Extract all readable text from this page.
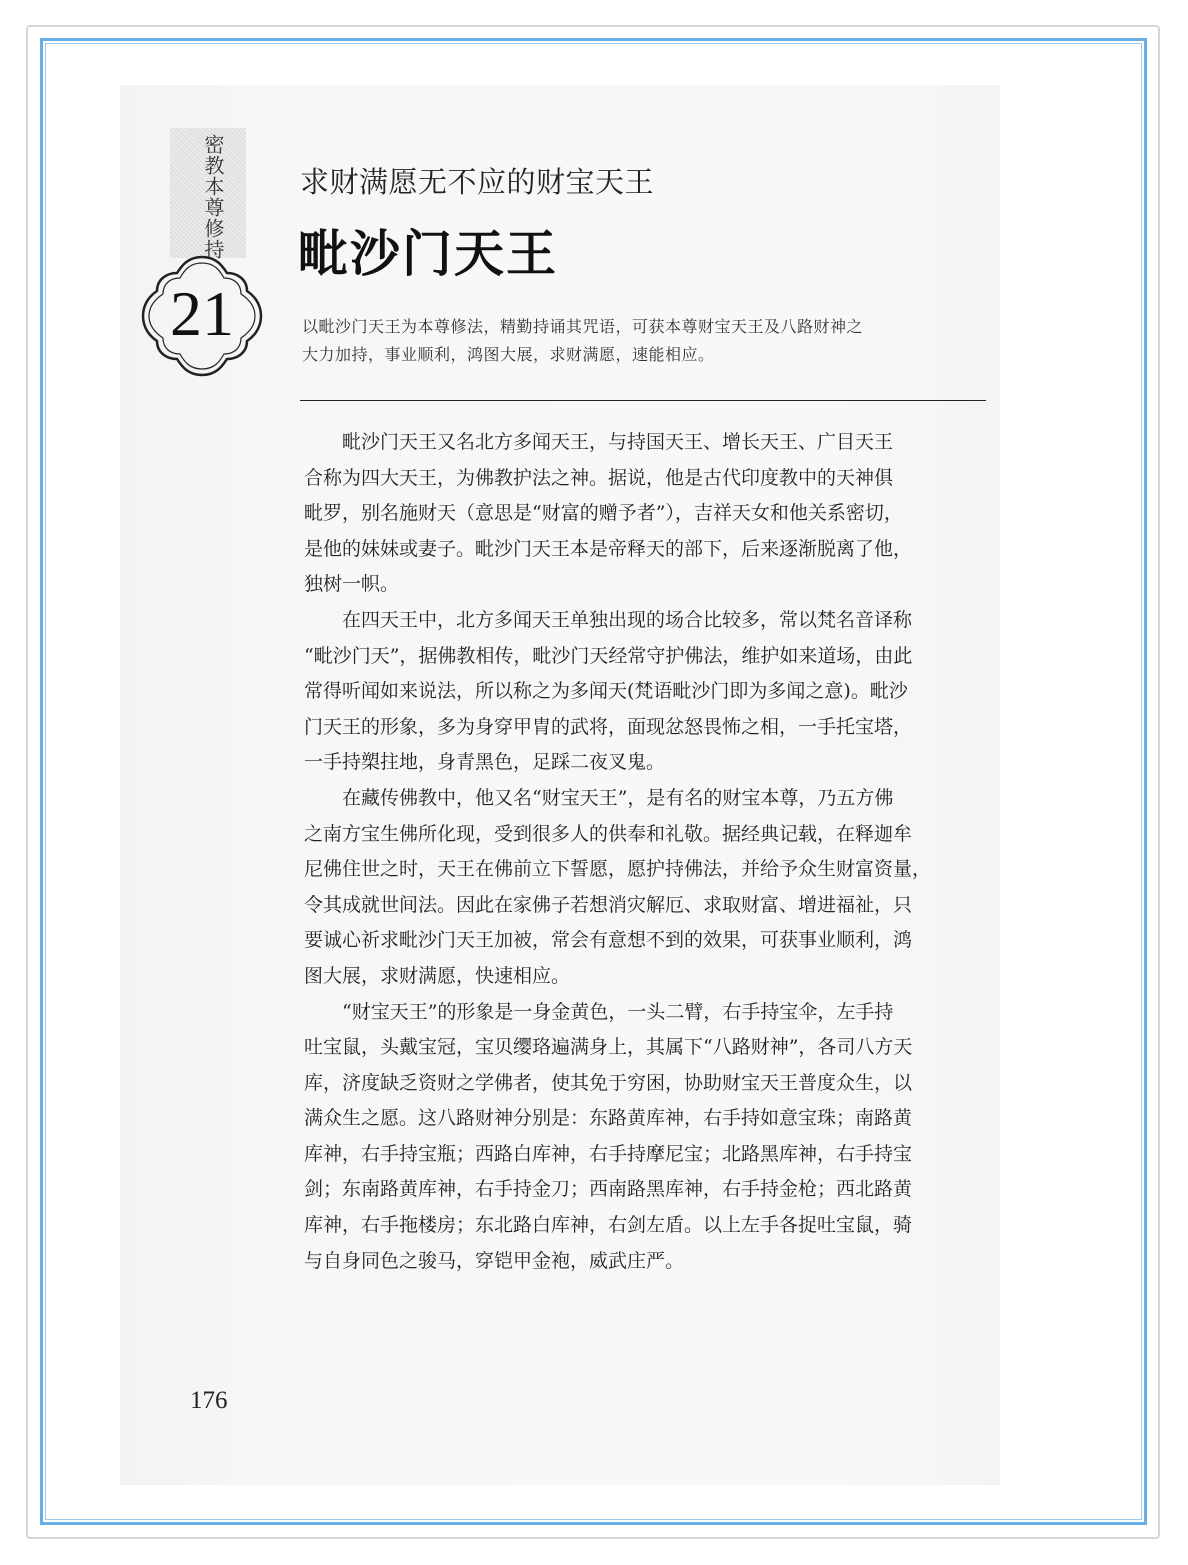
密教本尊修持
21
求财满愿无不应的财宝天王
毗沙门天王
以毗沙门天王为本尊修法，精勤持诵其咒语，可获本尊财宝天王及八路财神之
大力加持，事业顺利，鸿图大展，求财满愿，速能相应。

　　毗沙门天王又名北方多闻天王，与持国天王、增长天王、广目天王
合称为四大天王，为佛教护法之神。据说，他是古代印度教中的天神俱
毗罗，别名施财天（意思是“财富的赠予者”），吉祥天女和他关系密切，
是他的妹妹或妻子。毗沙门天王本是帝释天的部下，后来逐渐脱离了他，
独树一帜。

　　在四天王中，北方多闻天王单独出现的场合比较多，常以梵名音译称
“毗沙门天”，据佛教相传，毗沙门天经常守护佛法，维护如来道场，由此
常得听闻如来说法，所以称之为多闻天(梵语毗沙门即为多闻之意)。毗沙
门天王的形象，多为身穿甲胄的武将，面现忿怒畏怖之相，一手托宝塔，
一手持槊拄地，身青黑色，足踩二夜叉鬼。

　　在藏传佛教中，他又名“财宝天王”，是有名的财宝本尊，乃五方佛
之南方宝生佛所化现，受到很多人的供奉和礼敬。据经典记载，在释迦牟
尼佛住世之时，天王在佛前立下誓愿，愿护持佛法，并给予众生财富资量，
令其成就世间法。因此在家佛子若想消灾解厄、求取财富、增进福祉，只
要诚心祈求毗沙门天王加被，常会有意想不到的效果，可获事业顺利，鸿
图大展，求财满愿，快速相应。

　　“财宝天王”的形象是一身金黄色，一头二臂，右手持宝伞，左手持
吐宝鼠，头戴宝冠，宝贝缨珞遍满身上，其属下“八路财神”，各司八方天
库，济度缺乏资财之学佛者，使其免于穷困，协助财宝天王普度众生，以
满众生之愿。这八路财神分别是：东路黄库神，右手持如意宝珠；南路黄
库神，右手持宝瓶；西路白库神，右手持摩尼宝；北路黑库神，右手持宝
剑；东南路黄库神，右手持金刀；西南路黑库神，右手持金枪；西北路黄
库神，右手拖楼房；东北路白库神，右剑左盾。以上左手各捉吐宝鼠，骑
与自身同色之骏马，穿铠甲金袍，威武庄严。

176
